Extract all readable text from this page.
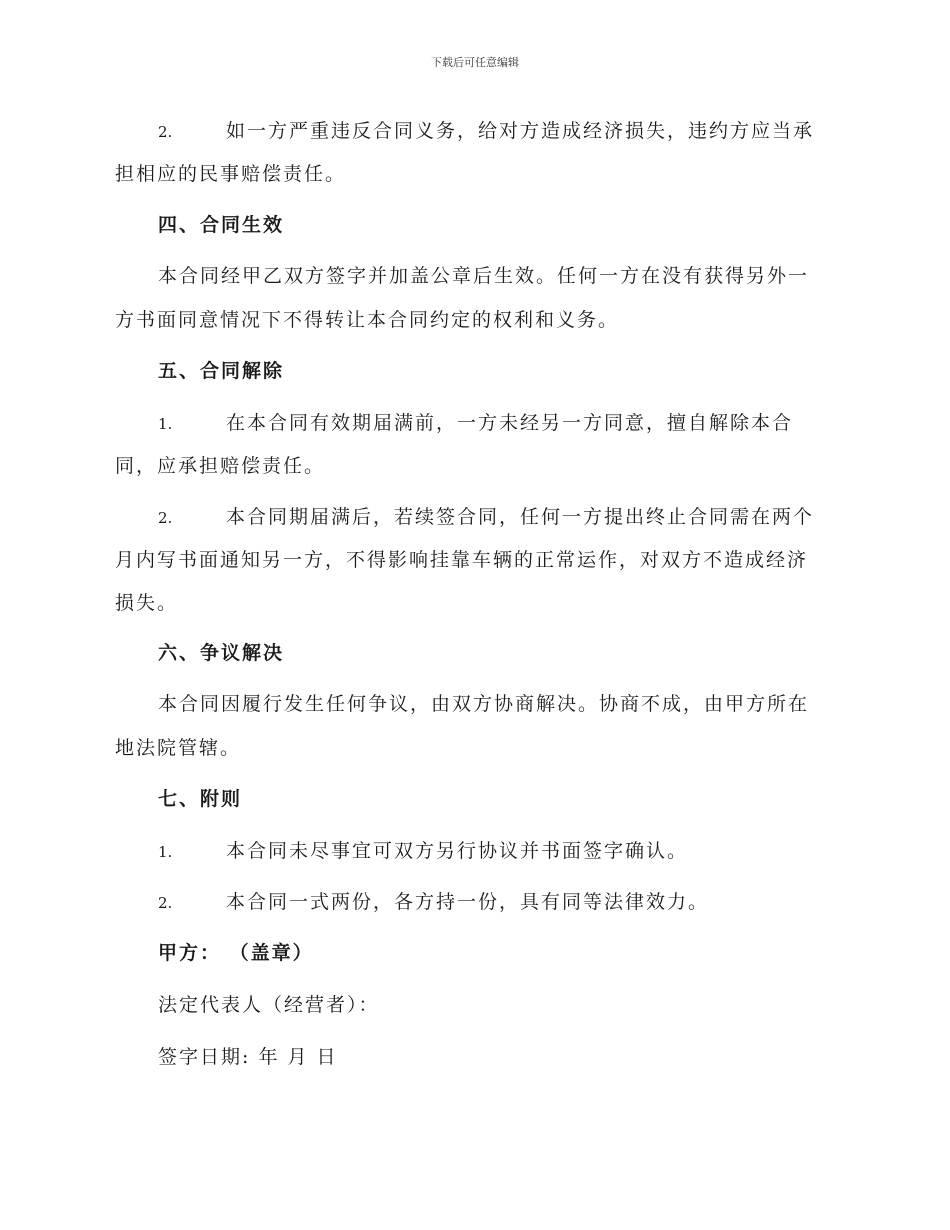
下载后可任意编辑
2.	如一方严重违反合同义务，给对方造成经济损失，违约方应当承
担相应的民事赔偿责任。
四、合同生效
本合同经甲乙双方签字并加盖公章后生效。任何一方在没有获得另外一
方书面同意情况下不得转让本合同约定的权利和义务。
五、合同解除
1.	在本合同有效期届满前，一方未经另一方同意，擅自解除本合
同，应承担赔偿责任。
2.	本合同期届满后，若续签合同，任何一方提出终止合同需在两个
月内写书面通知另一方，不得影响挂靠车辆的正常运作，对双方不造成经济
损失。
六、争议解决
本合同因履行发生任何争议，由双方协商解决。协商不成，由甲方所在
地法院管辖。
七、附则
1.	本合同未尽事宜可双方另行协议并书面签字确认。
2.	本合同一式两份，各方持一份，具有同等法律效力。
甲方： （盖章）
法定代表人（经营者）：
签字日期: 年 月 日
